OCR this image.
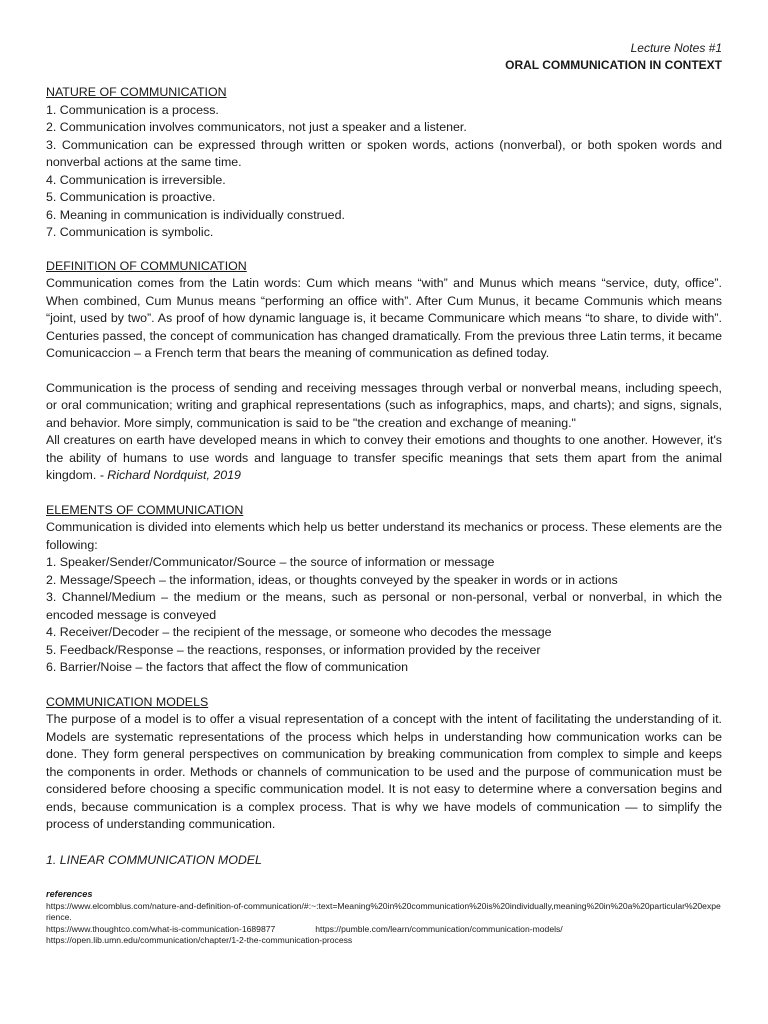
Lecture Notes #1
ORAL COMMUNICATION IN CONTEXT
NATURE OF COMMUNICATION
1. Communication is a process.
2. Communication involves communicators, not just a speaker and a listener.
3. Communication can be expressed through written or spoken words, actions (nonverbal), or both spoken words and nonverbal actions at the same time.
4. Communication is irreversible.
5. Communication is proactive.
6. Meaning in communication is individually construed.
7. Communication is symbolic.
DEFINITION OF COMMUNICATION

Communication comes from the Latin words: Cum which means “with” and Munus which means “service, duty, office”. When combined, Cum Munus means “performing an office with”. After Cum Munus, it became Communis which means “joint, used by two”. As proof of how dynamic language is, it became Communicare which means “to share, to divide with”. Centuries passed, the concept of communication has changed dramatically. From the previous three Latin terms, it became Comunicaccion – a French term that bears the meaning of communication as defined today.

Communication is the process of sending and receiving messages through verbal or nonverbal means, including speech, or oral communication; writing and graphical representations (such as infographics, maps, and charts); and signs, signals, and behavior. More simply, communication is said to be "the creation and exchange of meaning."

All creatures on earth have developed means in which to convey their emotions and thoughts to one another. However, it's the ability of humans to use words and language to transfer specific meanings that sets them apart from the animal kingdom. - Richard Nordquist, 2019

ELEMENTS OF COMMUNICATION

Communication is divided into elements which help us better understand its mechanics or process. These elements are the following:

1. Speaker/Sender/Communicator/Source – the source of information or message
2. Message/Speech – the information, ideas, or thoughts conveyed by the speaker in words or in actions
3. Channel/Medium – the medium or the means, such as personal or non-personal, verbal or nonverbal, in which the encoded message is conveyed
4. Receiver/Decoder – the recipient of the message, or someone who decodes the message
5. Feedback/Response – the reactions, responses, or information provided by the receiver
6. Barrier/Noise – the factors that affect the flow of communication
COMMUNICATION MODELS

The purpose of a model is to offer a visual representation of a concept with the intent of facilitating the understanding of it. Models are systematic representations of the process which helps in understanding how communication works can be done. They form general perspectives on communication by breaking communication from complex to simple and keeps the components in order. Methods or channels of communication to be used and the purpose of communication must be considered before choosing a specific communication model. It is not easy to determine where a conversation begins and ends, because communication is a complex process. That is why we have models of communication — to simplify the process of understanding communication.

1. LINEAR COMMUNICATION MODEL
references
https://www.elcomblus.com/nature-and-definition-of-communication/#:~:text=Meaning%20in%20communication%20is%20individually,meaning%20in%20a%20particular%20experience.
https://www.thoughtco.com/what-is-communication-1689877	https://pumble.com/learn/communication/communication-models/
https://open.lib.umn.edu/communication/chapter/1-2-the-communication-process
